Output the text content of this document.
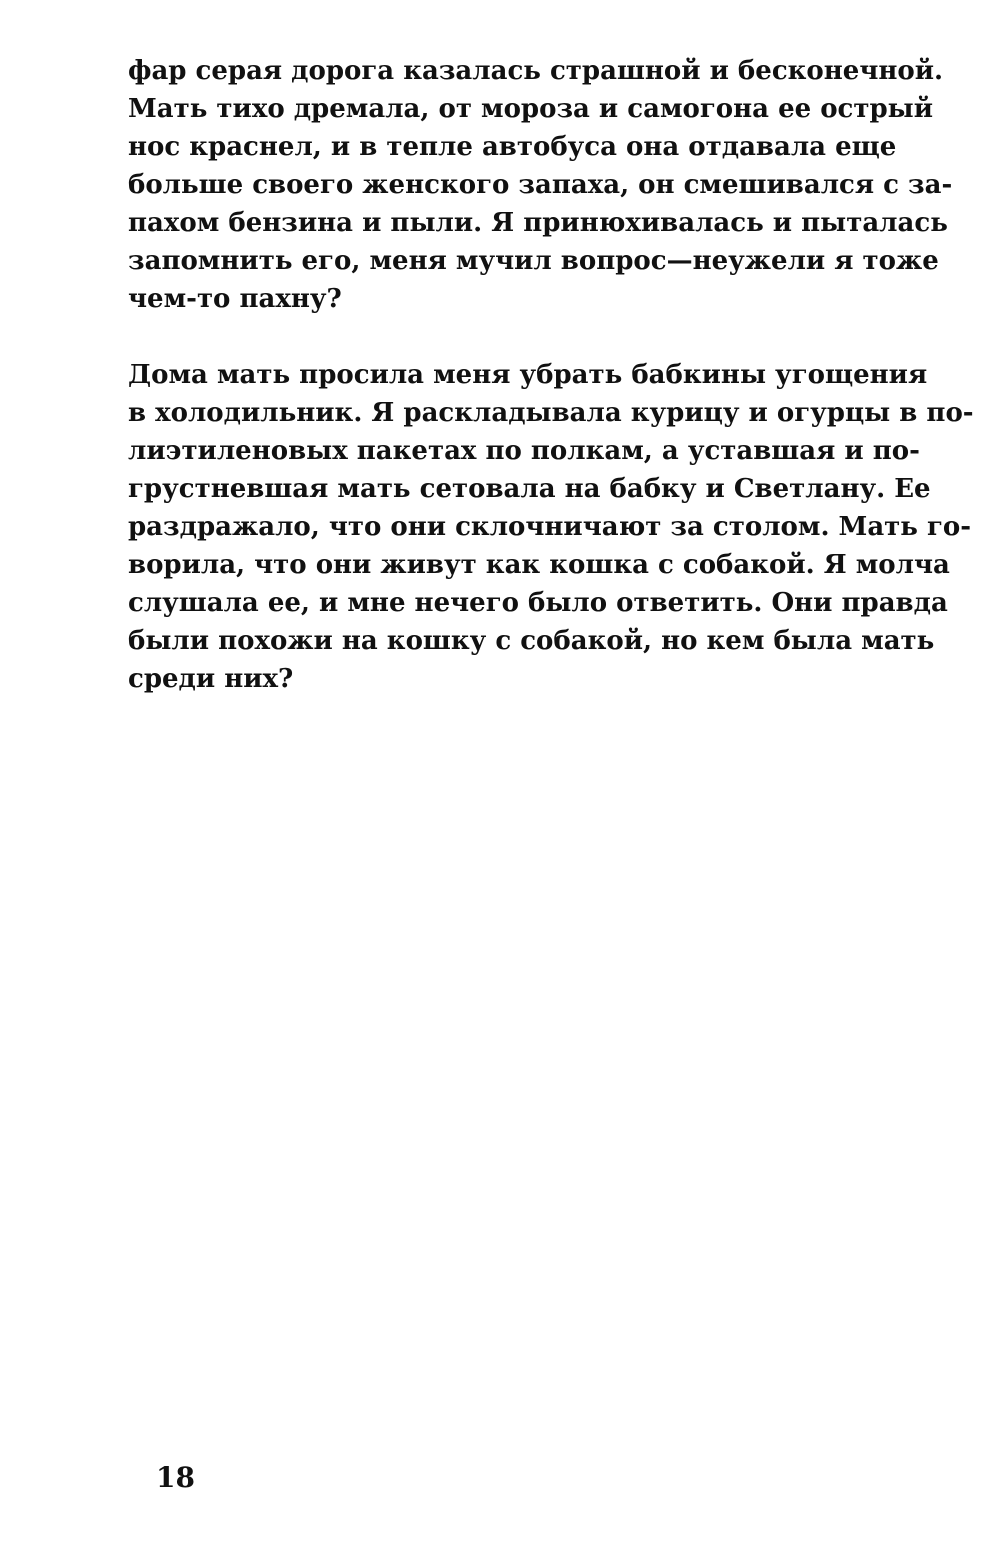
фар серая дорога казалась страшной и бесконечной.
Мать тихо дремала, от мороза и самогона ее острый
нос краснел, и в тепле автобуса она отдавала еще
больше своего женского запаха, он смешивался с за-
пахом бензина и пыли. Я принюхивалась и пыталась
запомнить его, меня мучил вопрос—неужели я тоже
чем-то пахну?
Дома мать просила меня убрать бабкины угощения
в холодильник. Я раскладывала курицу и огурцы в по-
лиэтиленовых пакетах по полкам, а уставшая и по-
грустневшая мать сетовала на бабку и Светлану. Ее
раздражало, что они склочничают за столом. Мать го-
ворила, что они живут как кошка с собакой. Я молча
слушала ее, и мне нечего было ответить. Они правда
были похожи на кошку с собакой, но кем была мать
среди них?
18
